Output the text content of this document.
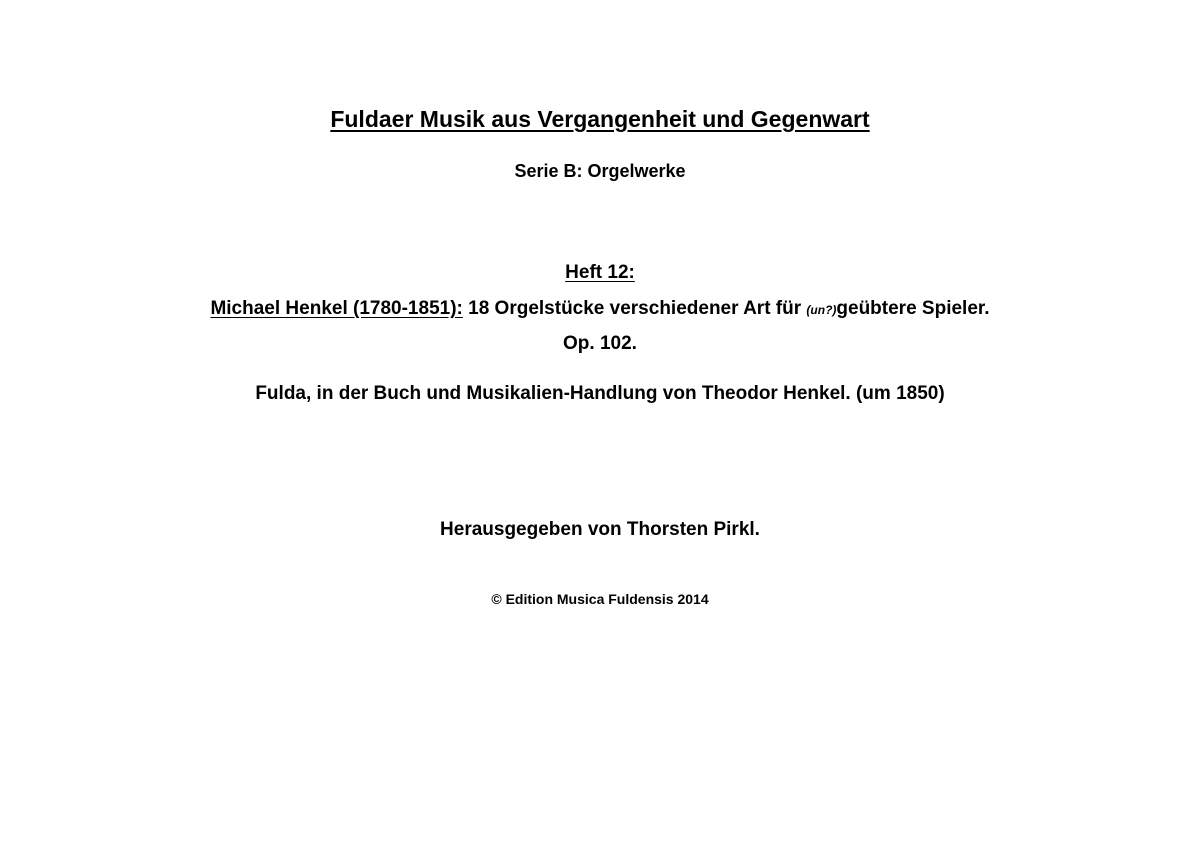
Fuldaer Musik aus Vergangenheit und Gegenwart
Serie B: Orgelwerke
Heft 12:
Michael Henkel (1780-1851): 18 Orgelstücke verschiedener Art für (un?)geübtere Spieler.
Op. 102.
Fulda, in der Buch und Musikalien-Handlung von Theodor Henkel. (um 1850)
Herausgegeben von Thorsten Pirkl.
© Edition Musica Fuldensis 2014
